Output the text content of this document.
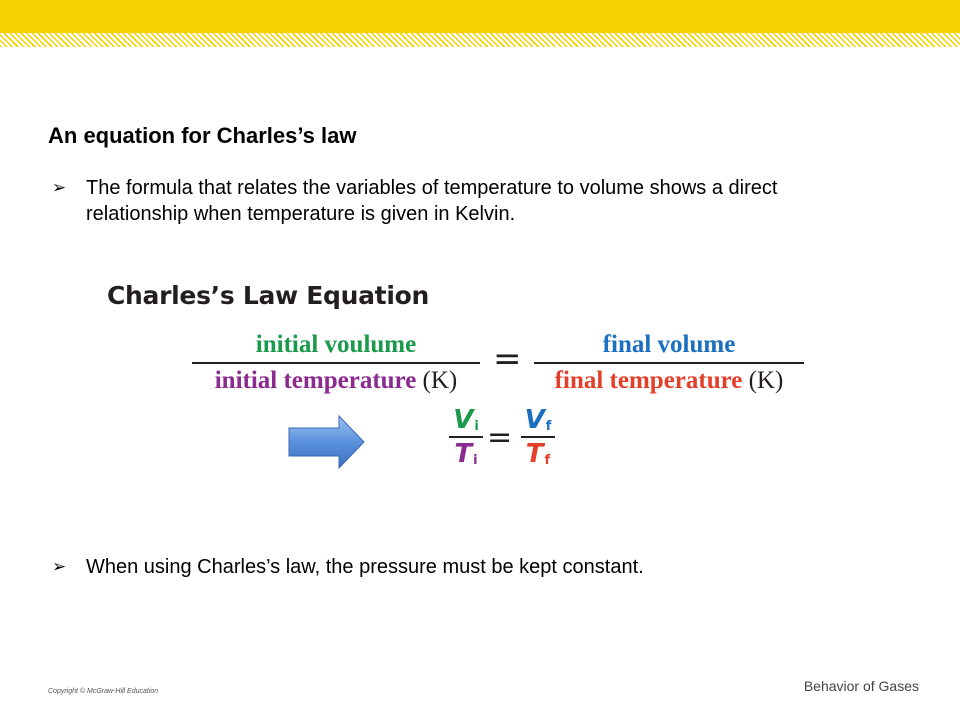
An equation for Charles’s law
➢ The formula that relates the variables of temperature to volume shows a direct relationship when temperature is given in Kelvin.
Charles’s Law Equation
initial voulume
initial temperature (K)
=	final volume
final temperature (K)
$V_i$
$T_i$
= $V_f$
$T_f$
➢ When using Charles’s law, the pressure must be kept constant.
Copyright © McGraw-Hill Education	Behavior of Gases
